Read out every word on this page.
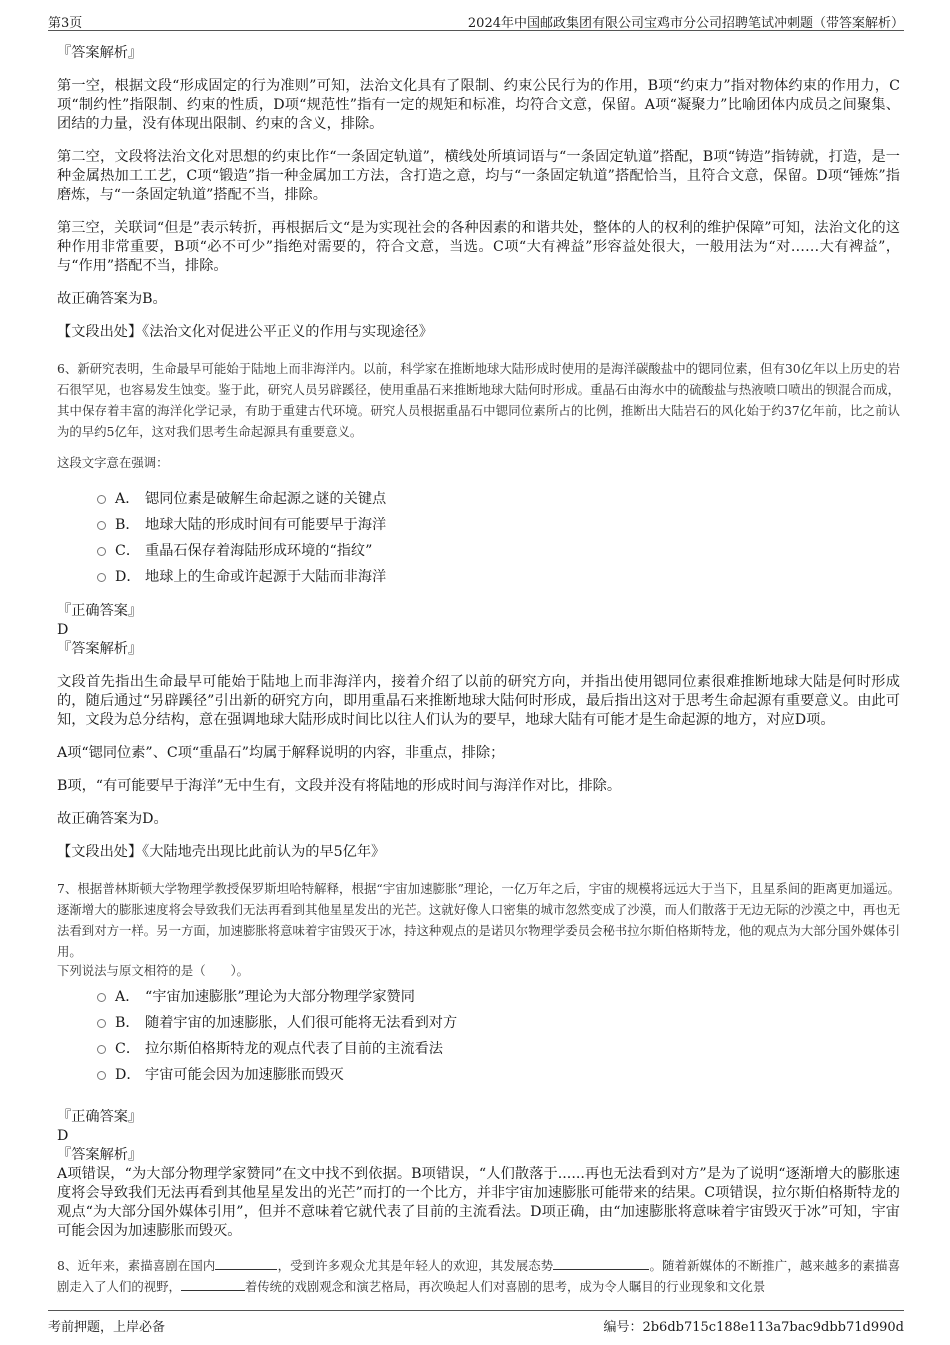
第3页	2024年中国邮政集团有限公司宝鸡市分公司招聘笔试冲刺题（带答案解析）

『答案解析』

第一空，根据文段“形成固定的行为准则”可知，法治文化具有了限制、约束公民行为的作用，B项“约束力”指对物体约束的作用力，C项“制约性”指限制、约束的性质，D项“规范性”指有一定的规矩和标准，均符合文意，保留。A项“凝聚力”比喻团体内成员之间聚集、团结的力量，没有体现出限制、约束的含义，排除。

第二空，文段将法治文化对思想的约束比作“一条固定轨道”，横线处所填词语与“一条固定轨道”搭配，B项“铸造”指铸就，打造，是一种金属热加工工艺，C项“锻造”指一种金属加工方法，含打造之意，均与“一条固定轨道”搭配恰当，且符合文意，保留。D项“锤炼”指磨炼，与“一条固定轨道”搭配不当，排除。

第三空，关联词“但是”表示转折，再根据后文“是为实现社会的各种因素的和谐共处，整体的人的权利的维护保障”可知，法治文化的这种作用非常重要，B项“必不可少”指绝对需要的，符合文意，当选。C项“大有裨益”形容益处很大，一般用法为“对……大有裨益”，与“作用”搭配不当，排除。

故正确答案为B。

【文段出处】《法治文化对促进公平正义的作用与实现途径》

6、新研究表明，生命最早可能始于陆地上而非海洋内。以前，科学家在推断地球大陆形成时使用的是海洋碳酸盐中的锶同位素，但有30亿年以上历史的岩石很罕见，也容易发生蚀变。鉴于此，研究人员另辟蹊径，使用重晶石来推断地球大陆何时形成。重晶石由海水中的硫酸盐与热液喷口喷出的钡混合而成，其中保存着丰富的海洋化学记录，有助于重建古代环境。研究人员根据重晶石中锶同位素所占的比例，推断出大陆岩石的风化始于约37亿年前，比之前认为的早约5亿年，这对我们思考生命起源具有重要意义。

这段文字意在强调：

A． 锶同位素是破解生命起源之谜的关键点
B． 地球大陆的形成时间有可能要早于海洋
C． 重晶石保存着海陆形成环境的“指纹”
D． 地球上的生命或许起源于大陆而非海洋

『正确答案』

D

『答案解析』

文段首先指出生命最早可能始于陆地上而非海洋内，接着介绍了以前的研究方向，并指出使用锶同位素很难推断地球大陆是何时形成的，随后通过“另辟蹊径”引出新的研究方向，即用重晶石来推断地球大陆何时形成，最后指出这对于思考生命起源有重要意义。由此可知，文段为总分结构，意在强调地球大陆形成时间比以往人们认为的要早，地球大陆有可能才是生命起源的地方，对应D项。

A项“锶同位素”、C项“重晶石”均属于解释说明的内容，非重点，排除；

B项，“有可能要早于海洋”无中生有，文段并没有将陆地的形成时间与海洋作对比，排除。

故正确答案为D。

【文段出处】《大陆地壳出现比此前认为的早5亿年》

7、根据普林斯顿大学物理学教授保罗斯坦哈特解释，根据“宇宙加速膨胀”理论，一亿万年之后，宇宙的规模将远远大于当下，且星系间的距离更加遥远。逐渐增大的膨胀速度将会导致我们无法再看到其他星星发出的光芒。这就好像人口密集的城市忽然变成了沙漠，而人们散落于无边无际的沙漠之中，再也无法看到对方一样。另一方面，加速膨胀将意味着宇宙毁灭于冰，持这种观点的是诺贝尔物理学委员会秘书拉尔斯伯格斯特龙，他的观点为大部分国外媒体引用。

下列说法与原文相符的是（　　）。

A． “宇宙加速膨胀”理论为大部分物理学家赞同
B． 随着宇宙的加速膨胀，人们很可能将无法看到对方
C． 拉尔斯伯格斯特龙的观点代表了目前的主流看法
D． 宇宙可能会因为加速膨胀而毁灭

『正确答案』

D

『答案解析』

A项错误，“为大部分物理学家赞同”在文中找不到依据。B项错误，“人们散落于......再也无法看到对方”是为了说明“逐渐增大的膨胀速度将会导致我们无法再看到其他星星发出的光芒”而打的一个比方，并非宇宙加速膨胀可能带来的结果。C项错误，拉尔斯伯格斯特龙的观点“为大部分国外媒体引用”，但并不意味着它就代表了目前的主流看法。D项正确，由“加速膨胀将意味着宇宙毁灭于冰”可知，宇宙可能会因为加速膨胀而毁灭。

8、近年来，素描喜剧在国内	，受到许多观众尤其是年轻人的欢迎，其发展态势	。随着新媒体的不断推广，越来越多的素描喜剧走入了人们的视野，	着传统的戏剧观念和演艺格局，再次唤起人们对喜剧的思考，成为令人瞩目的行业现象和文化景

考前押题，上岸必备	编号：2b6db715c188e113a7bac9dbb71d990d
